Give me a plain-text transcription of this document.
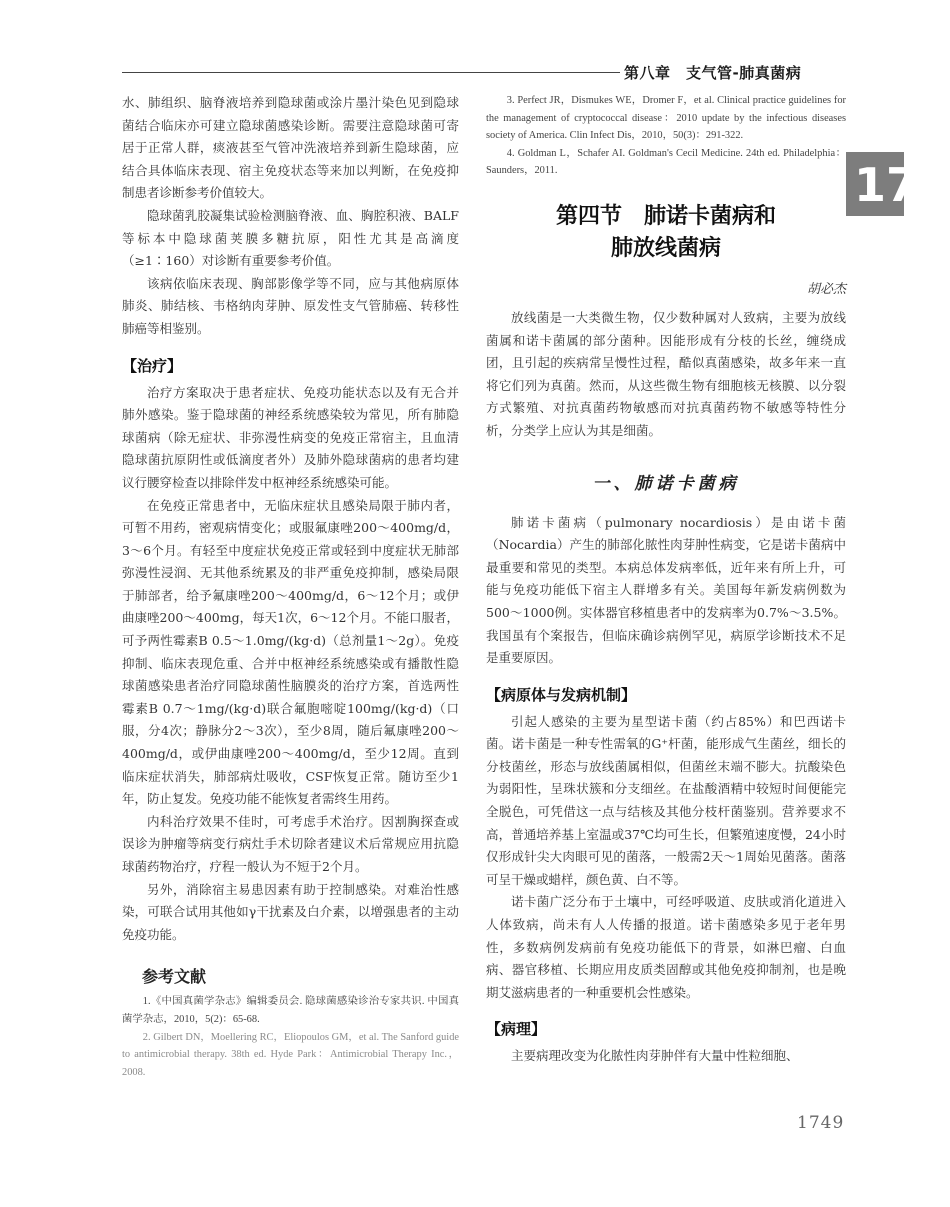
第八章　支气管-肺真菌病
17

水、肺组织、脑脊液培养到隐球菌或涂片墨汁染色见到隐球菌结合临床亦可建立隐球菌感染诊断。需要注意隐球菌可寄居于正常人群，痰液甚至气管冲洗液培养到新生隐球菌，应结合具体临床表现、宿主免疫状态等来加以判断，在免疫抑制患者诊断参考价值较大。

隐球菌乳胶凝集试验检测脑脊液、血、胸腔积液、BALF等标本中隐球菌荚膜多糖抗原，阳性尤其是高滴度（≥1∶160）对诊断有重要参考价值。

该病依临床表现、胸部影像学等不同，应与其他病原体肺炎、肺结核、韦格纳肉芽肿、原发性支气管肺癌、转移性肺癌等相鉴别。

【治疗】

治疗方案取决于患者症状、免疫功能状态以及有无合并肺外感染。鉴于隐球菌的神经系统感染较为常见，所有肺隐球菌病（除无症状、非弥漫性病变的免疫正常宿主，且血清隐球菌抗原阴性或低滴度者外）及肺外隐球菌病的患者均建议行腰穿检查以排除伴发中枢神经系统感染可能。

在免疫正常患者中，无临床症状且感染局限于肺内者，可暂不用药，密观病情变化；或服氟康唑200～400mg/d，3～6个月。有轻至中度症状免疫正常或轻到中度症状无肺部弥漫性浸润、无其他系统累及的非严重免疫抑制，感染局限于肺部者，给予氟康唑200～400mg/d，6～12个月；或伊曲康唑200～400mg，每天1次，6～12个月。不能口服者，可予两性霉素B 0.5～1.0mg/(kg·d)（总剂量1～2g）。免疫抑制、临床表现危重、合并中枢神经系统感染或有播散性隐球菌感染患者治疗同隐球菌性脑膜炎的治疗方案，首选两性霉素B 0.7～1mg/(kg·d)联合氟胞嘧啶100mg/(kg·d)（口服，分4次；静脉分2～3次），至少8周，随后氟康唑200～400mg/d，或伊曲康唑200～400mg/d，至少12周。直到临床症状消失，肺部病灶吸收，CSF恢复正常。随访至少1年，防止复发。免疫功能不能恢复者需终生用药。

内科治疗效果不佳时，可考虑手术治疗。因割胸探查或误诊为肿瘤等病变行病灶手术切除者建议术后常规应用抗隐球菌药物治疗，疗程一般认为不短于2个月。

另外，消除宿主易患因素有助于控制感染。对难治性感染，可联合试用其他如γ干扰素及白介素，以增强患者的主动免疫功能。

参考文献

1.《中国真菌学杂志》编辑委员会. 隐球菌感染诊治专家共识. 中国真菌学杂志，2010，5(2)：65-68.

2. Gilbert DN，Moellering RC，Eliopoulos GM，et al. The Sanford guide to antimicrobial therapy. 38th ed. Hyde Park：Antimicrobial Therapy Inc.，2008.

3. Perfect JR，Dismukes WE，Dromer F，et al. Clinical practice guidelines for the management of cryptococcal disease：2010 update by the infectious diseases society of America. Clin Infect Dis，2010，50(3)：291-322.

4. Goldman L，Schafer AI. Goldman's Cecil Medicine. 24th ed. Philadelphia：Saunders，2011.

第四节　肺诺卡菌病和
肺放线菌病
胡必杰

放线菌是一大类微生物，仅少数种属对人致病，主要为放线菌属和诺卡菌属的部分菌种。因能形成有分枝的长丝，缠绕成团，且引起的疾病常呈慢性过程，酷似真菌感染，故多年来一直将它们列为真菌。然而，从这些微生物有细胞核无核膜、以分裂方式繁殖、对抗真菌药物敏感而对抗真菌药物不敏感等特性分析，分类学上应认为其是细菌。

一、肺诺卡菌病

肺诺卡菌病（pulmonary nocardiosis）是由诺卡菌（Nocardia）产生的肺部化脓性肉芽肿性病变，它是诺卡菌病中最重要和常见的类型。本病总体发病率低，近年来有所上升，可能与免疫功能低下宿主人群增多有关。美国每年新发病例数为500～1000例。实体器官移植患者中的发病率为0.7%～3.5%。我国虽有个案报告，但临床确诊病例罕见，病原学诊断技术不足是重要原因。

【病原体与发病机制】

引起人感染的主要为星型诺卡菌（约占85%）和巴西诺卡菌。诺卡菌是一种专性需氧的G⁺杆菌，能形成气生菌丝，细长的分枝菌丝，形态与放线菌属相似，但菌丝末端不膨大。抗酸染色为弱阳性，呈珠状簇和分支细丝。在盐酸酒精中较短时间便能完全脱色，可凭借这一点与结核及其他分枝杆菌鉴别。营养要求不高，普通培养基上室温或37℃均可生长，但繁殖速度慢，24小时仅形成针尖大肉眼可见的菌落，一般需2天～1周始见菌落。菌落可呈干燥或蜡样，颜色黄、白不等。

诺卡菌广泛分布于土壤中，可经呼吸道、皮肤或消化道进入人体致病，尚未有人人传播的报道。诺卡菌感染多见于老年男性，多数病例发病前有免疫功能低下的背景，如淋巴瘤、白血病、器官移植、长期应用皮质类固醇或其他免疫抑制剂，也是晚期艾滋病患者的一种重要机会性感染。

【病理】

主要病理改变为化脓性肉芽肿伴有大量中性粒细胞、

1749
